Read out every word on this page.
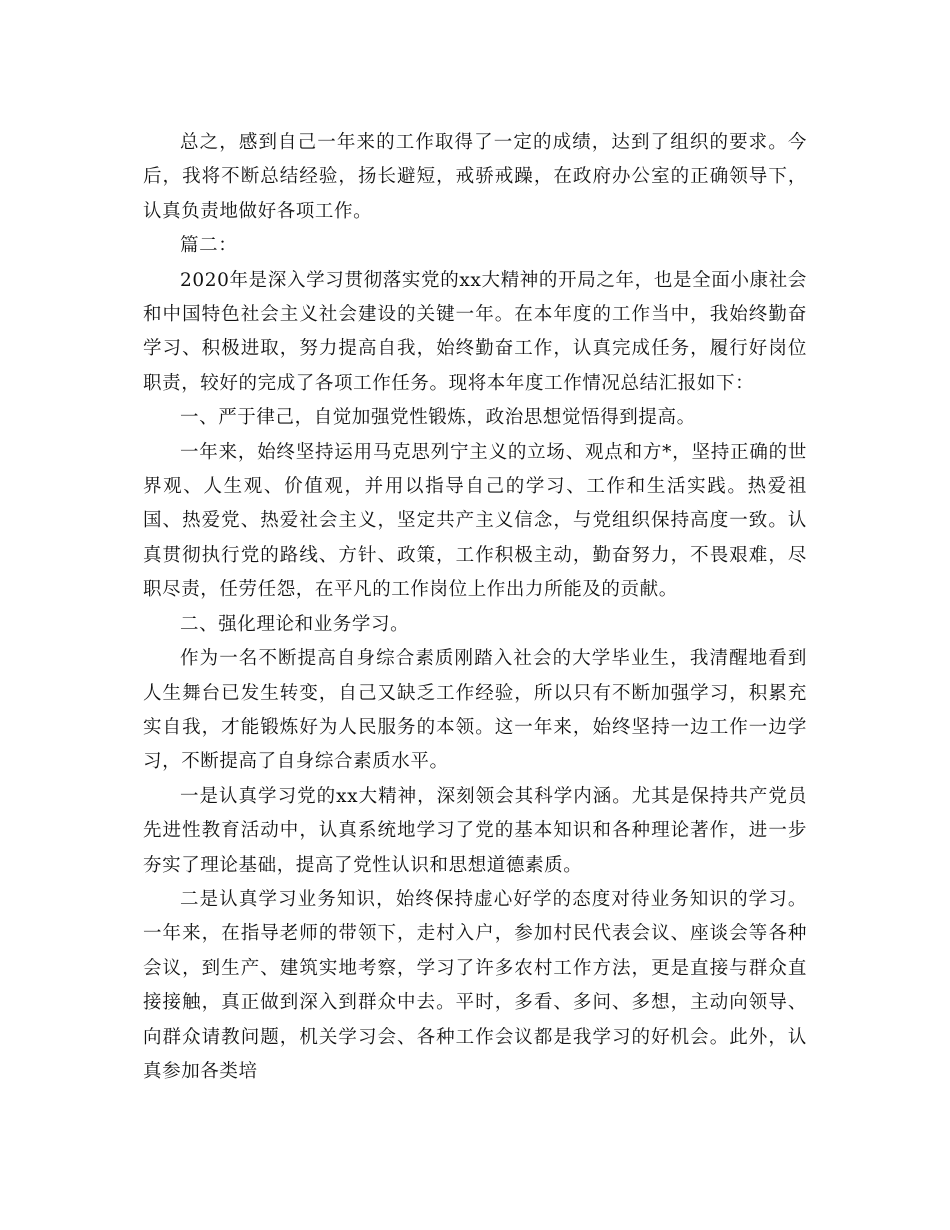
总之，感到自己一年来的工作取得了一定的成绩，达到了组织的要求。今后，我将不断总结经验，扬长避短，戒骄戒躁，在政府办公室的正确领导下，认真负责地做好各项工作。

篇二：

2020年是深入学习贯彻落实党的xx大精神的开局之年，也是全面小康社会和中国特色社会主义社会建设的关键一年。在本年度的工作当中，我始终勤奋学习、积极进取，努力提高自我，始终勤奋工作，认真完成任务，履行好岗位职责，较好的完成了各项工作任务。现将本年度工作情况总结汇报如下：

一、严于律己，自觉加强党性锻炼，政治思想觉悟得到提高。

一年来，始终坚持运用马克思列宁主义的立场、观点和方*，坚持正确的世界观、人生观、价值观，并用以指导自己的学习、工作和生活实践。热爱祖国、热爱党、热爱社会主义，坚定共产主义信念，与党组织保持高度一致。认真贯彻执行党的路线、方针、政策，工作积极主动，勤奋努力，不畏艰难，尽职尽责，任劳任怨，在平凡的工作岗位上作出力所能及的贡献。

二、强化理论和业务学习。

作为一名不断提高自身综合素质刚踏入社会的大学毕业生，我清醒地看到人生舞台已发生转变，自己又缺乏工作经验，所以只有不断加强学习，积累充实自我，才能锻炼好为人民服务的本领。这一年来，始终坚持一边工作一边学习，不断提高了自身综合素质水平。

一是认真学习党的xx大精神，深刻领会其科学内涵。尤其是保持共产党员先进性教育活动中，认真系统地学习了党的基本知识和各种理论著作，进一步夯实了理论基础，提高了党性认识和思想道德素质。

二是认真学习业务知识，始终保持虚心好学的态度对待业务知识的学习。一年来，在指导老师的带领下，走村入户，参加村民代表会议、座谈会等各种会议，到生产、建筑实地考察，学习了许多农村工作方法，更是直接与群众直接接触，真正做到深入到群众中去。平时，多看、多问、多想，主动向领导、向群众请教问题，机关学习会、各种工作会议都是我学习的好机会。此外，认真参加各类培
